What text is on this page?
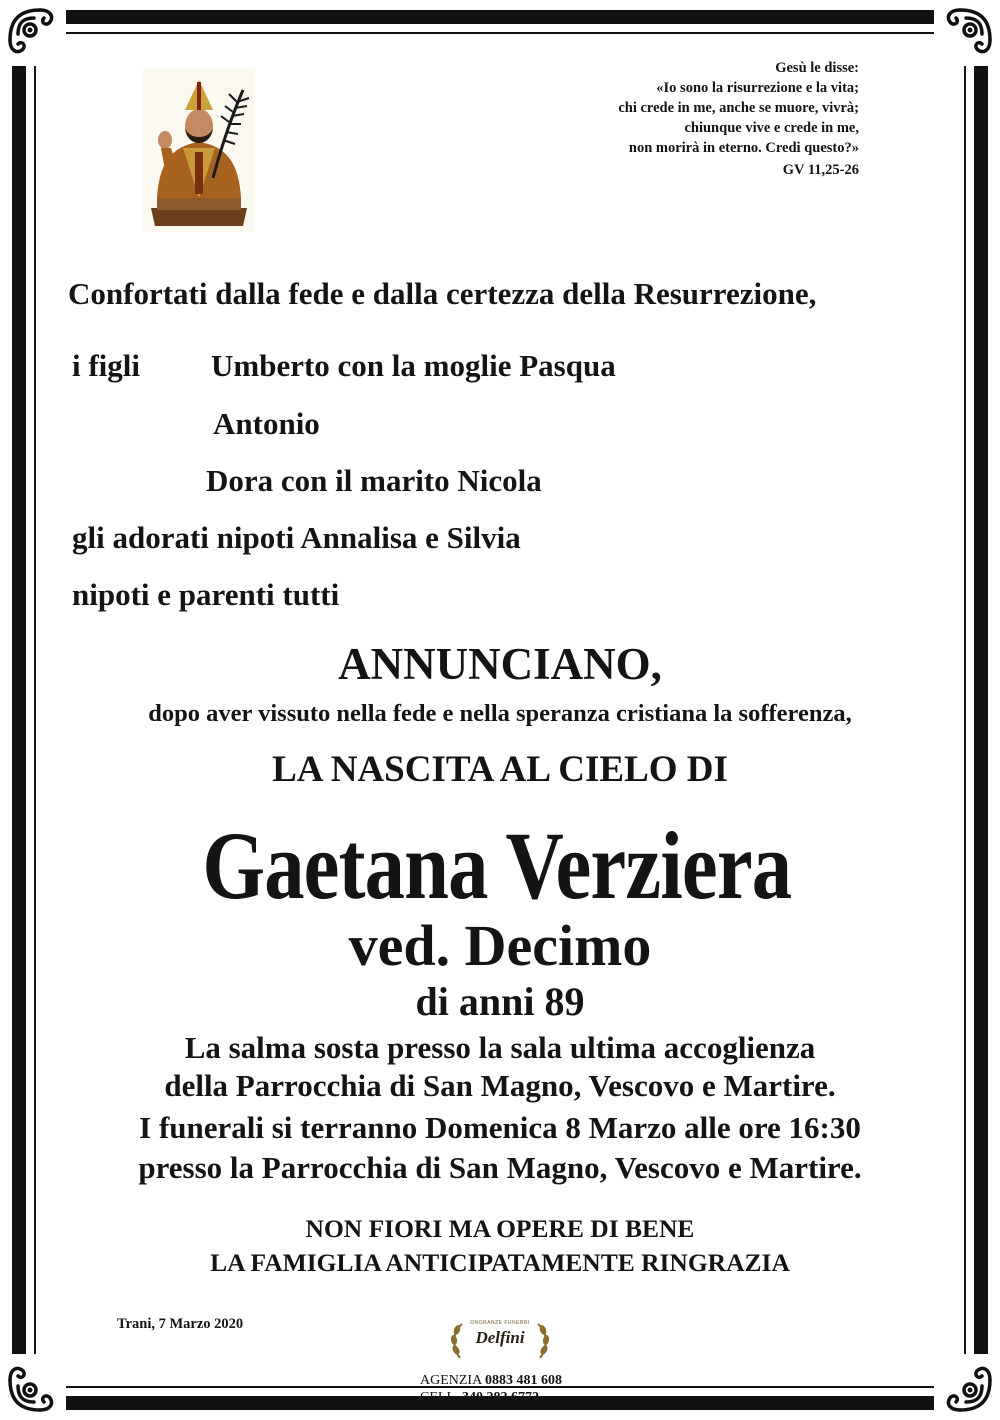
Gesù le disse:
«Io sono la risurrezione e la vita;
chi crede in me, anche se muore, vivrà;
chiunque vive e crede in me,
non morirà in eterno. Credi questo?»
GV 11,25-26
Confortati dalla fede e dalla certezza della Resurrezione,
i figli Umberto con la moglie Pasqua
Antonio
Dora con il marito Nicola
gli adorati nipoti Annalisa e Silvia
nipoti e parenti tutti
ANNUNCIANO,
dopo aver vissuto nella fede e nella speranza cristiana la sofferenza,
LA NASCITA AL CIELO DI
Gaetana Verziera
ved. Decimo
di anni 89
La salma sosta presso la sala ultima accoglienza
della Parrocchia di San Magno, Vescovo e Martire.
I funerali si terranno Domenica 8 Marzo alle ore 16:30
presso la Parrocchia di San Magno, Vescovo e Martire.
NON FIORI MA OPERE DI BENE
LA FAMIGLIA ANTICIPATAMENTE RINGRAZIA
Trani, 7 Marzo 2020	ONORANZE FUNEBRI
Delfini
AGENZIA 0883 481 608
CELL. 340 282 6772
